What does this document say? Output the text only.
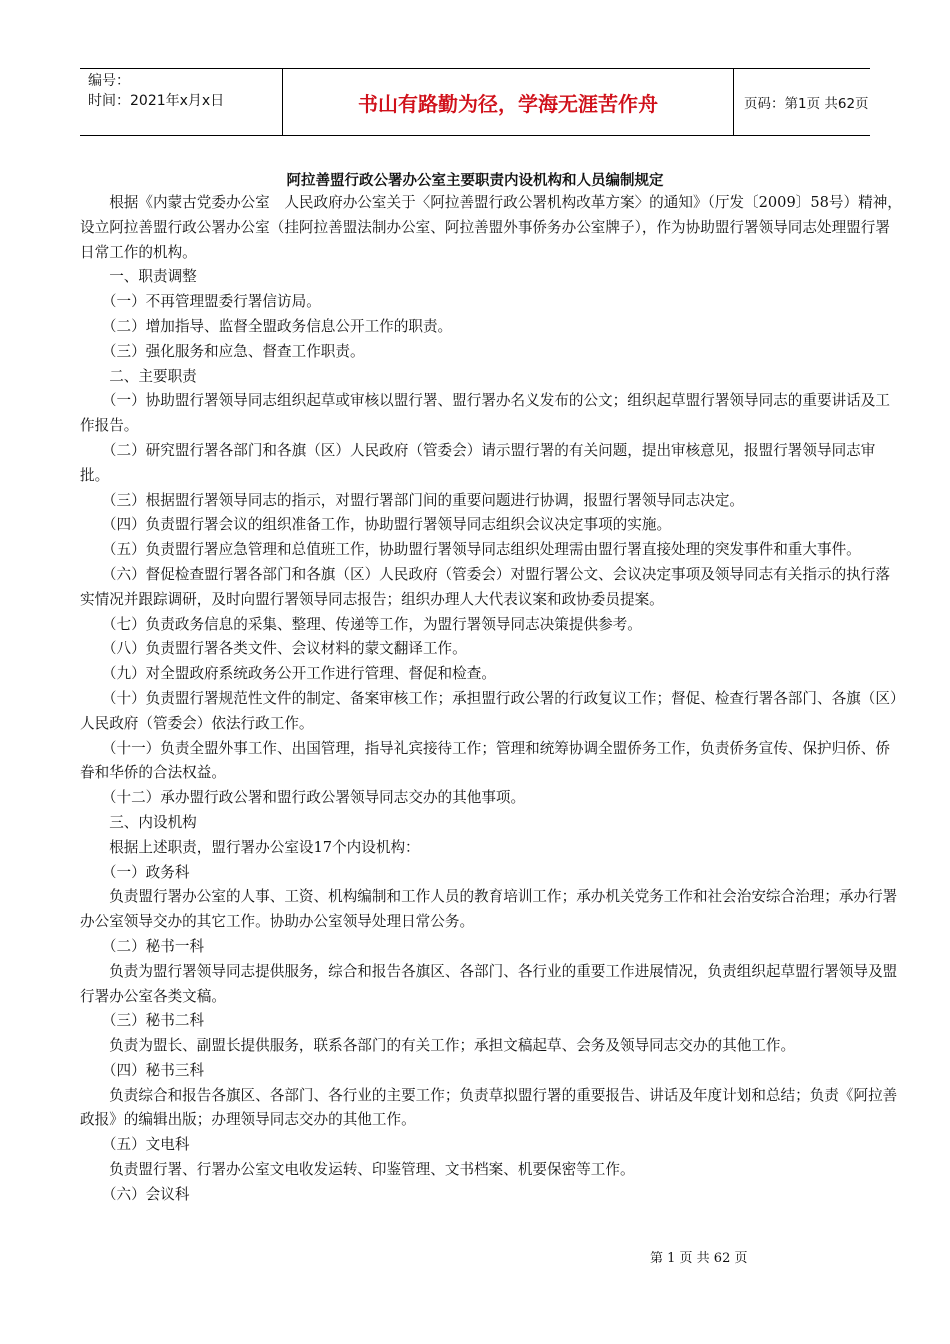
编号：
时间：2021年x月x日	书山有路勤为径，学海无涯苦作舟	页码：第1页 共62页
阿拉善盟行政公署办公室主要职责内设机构和人员编制规定

　　根据《内蒙古党委办公室　人民政府办公室关于〈阿拉善盟行政公署机构改革方案〉的通知》（厅发〔2009〕58号）精神，设立阿拉善盟行政公署办公室（挂阿拉善盟法制办公室、阿拉善盟外事侨务办公室牌子），作为协助盟行署领导同志处理盟行署日常工作的机构。

　　一、职责调整

　　（一）不再管理盟委行署信访局。

　　（二）增加指导、监督全盟政务信息公开工作的职责。

　　（三）强化服务和应急、督查工作职责。

　　二、主要职责

　　（一）协助盟行署领导同志组织起草或审核以盟行署、盟行署办名义发布的公文；组织起草盟行署领导同志的重要讲话及工作报告。

　　（二）研究盟行署各部门和各旗（区）人民政府（管委会）请示盟行署的有关问题，提出审核意见，报盟行署领导同志审批。

　　（三）根据盟行署领导同志的指示，对盟行署部门间的重要问题进行协调，报盟行署领导同志决定。

　　（四）负责盟行署会议的组织准备工作，协助盟行署领导同志组织会议决定事项的实施。

　　（五）负责盟行署应急管理和总值班工作，协助盟行署领导同志组织处理需由盟行署直接处理的突发事件和重大事件。

　　（六）督促检查盟行署各部门和各旗（区）人民政府（管委会）对盟行署公文、会议决定事项及领导同志有关指示的执行落实情况并跟踪调研，及时向盟行署领导同志报告；组织办理人大代表议案和政协委员提案。

　　（七）负责政务信息的采集、整理、传递等工作，为盟行署领导同志决策提供参考。

　　（八）负责盟行署各类文件、会议材料的蒙文翻译工作。

　　（九）对全盟政府系统政务公开工作进行管理、督促和检查。

　　（十）负责盟行署规范性文件的制定、备案审核工作；承担盟行政公署的行政复议工作；督促、检查行署各部门、各旗（区）人民政府（管委会）依法行政工作。

　　（十一）负责全盟外事工作、出国管理，指导礼宾接待工作；管理和统筹协调全盟侨务工作，负责侨务宣传、保护归侨、侨眷和华侨的合法权益。

　　（十二）承办盟行政公署和盟行政公署领导同志交办的其他事项。

　　三、内设机构

　　根据上述职责，盟行署办公室设17个内设机构：

　　（一）政务科

　　负责盟行署办公室的人事、工资、机构编制和工作人员的教育培训工作；承办机关党务工作和社会治安综合治理；承办行署办公室领导交办的其它工作。协助办公室领导处理日常公务。

　　（二）秘书一科

　　负责为盟行署领导同志提供服务，综合和报告各旗区、各部门、各行业的重要工作进展情况，负责组织起草盟行署领导及盟行署办公室各类文稿。

　　（三）秘书二科

　　负责为盟长、副盟长提供服务，联系各部门的有关工作；承担文稿起草、会务及领导同志交办的其他工作。

　　（四）秘书三科

　　负责综合和报告各旗区、各部门、各行业的主要工作；负责草拟盟行署的重要报告、讲话及年度计划和总结；负责《阿拉善政报》的编辑出版；办理领导同志交办的其他工作。

　　（五）文电科

　　负责盟行署、行署办公室文电收发运转、印鉴管理、文书档案、机要保密等工作。

　　（六）会议科

第 1 页 共 62 页
